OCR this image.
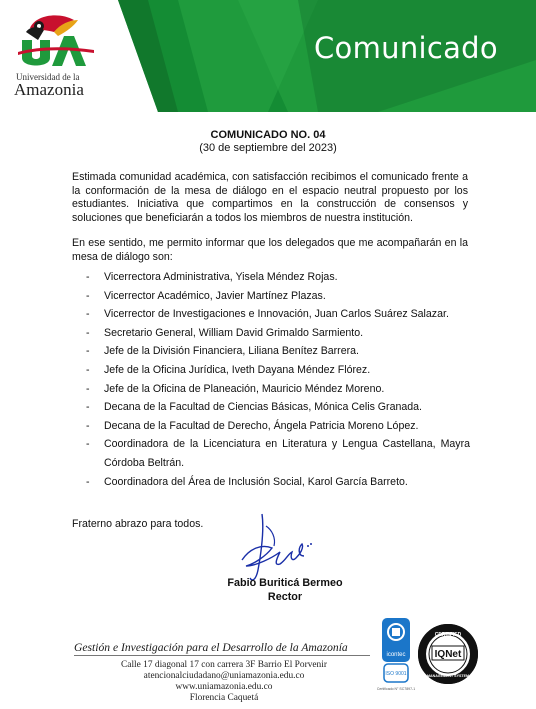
Universidad de la
Amazonia
Comunicado
COMUNICADO NO. 04
(30 de septiembre del 2023)
Estimada comunidad académica, con satisfacción recibimos el comunicado frente a la conformación de la mesa de diálogo en el espacio neutral propuesto por los estudiantes. Iniciativa que compartimos en la construcción de consensos y soluciones que beneficiarán a todos los miembros de nuestra institución.
En ese sentido, me permito informar que los delegados que me acompañarán en la mesa de diálogo son:
- Vicerrectora Administrativa, Yisela Méndez Rojas.
- Vicerrector Académico, Javier Martínez Plazas.
- Vicerrector de Investigaciones e Innovación, Juan Carlos Suárez Salazar.
- Secretario General, William David Grimaldo Sarmiento.
- Jefe de la División Financiera, Liliana Benítez Barrera.
- Jefe de la Oficina Jurídica, Iveth Dayana Méndez Flórez.
- Jefe de la Oficina de Planeación, Mauricio Méndez Moreno.
- Decana de la Facultad de Ciencias Básicas, Mónica Celis Granada.
- Decana de la Facultad de Derecho, Ángela Patricia Moreno López.
- Coordinadora de la Licenciatura en Literatura y Lengua Castellana, Mayra Córdoba Beltrán.
- Coordinadora del Área de Inclusión Social, Karol García Barreto.
Fraterno abrazo para todos.
Fabio Buriticá Bermeo
Rector
Gestión e Investigación para el Desarrollo de la Amazonía
Calle 17 diagonal 17 con carrera 3F Barrio El Porvenir
atencionalciudadano@uniamazonia.edu.co
www.uniamazonia.edu.co
Florencia Caquetá
icontec
ISO 9001
Certificado N° SC7897-1
CERTIFIED
IQNet
MANAGEMENT SYSTEM
